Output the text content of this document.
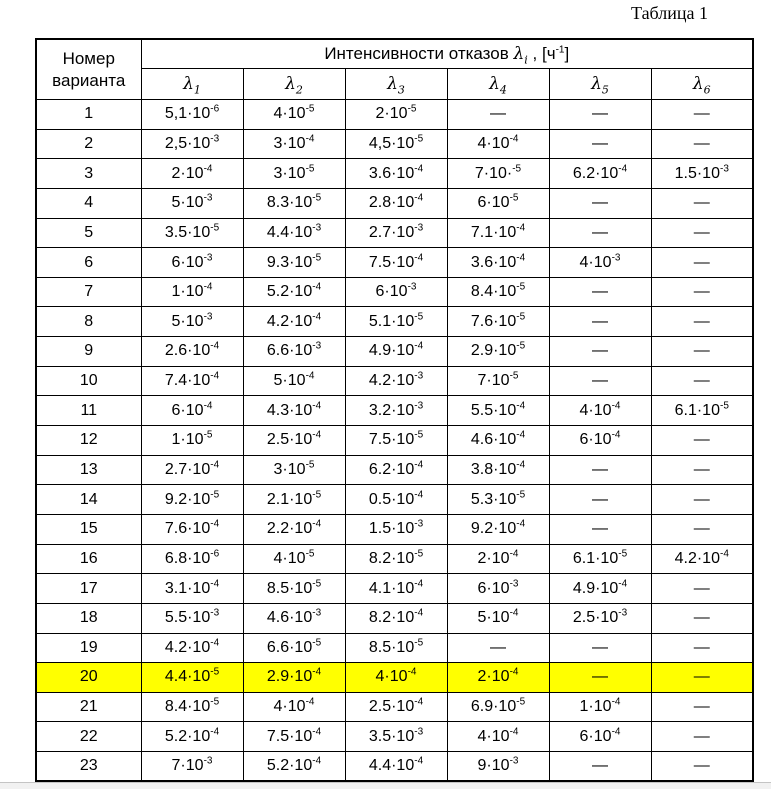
Таблица 1
Номер
варианта	Интенсивности отказов $\lambda_i$ , $[ч^{-1}]$					
	$\lambda_1$	$\lambda_2$	$\lambda_3$	$\lambda_4$	$\lambda_5$	$\lambda_6$
1	$5,1\cdot 10^{-6}$	$4\cdot 10^{-5}$	$2\cdot 10^{-5}$	—	—	—
2	$2,5\cdot 10^{-3}$	$3\cdot 10^{-4}$	$4,5\cdot 10^{-5}$	$4\cdot 10^{-4}$	—	—
3	$2\cdot 10^{-4}$	$3\cdot 10^{-5}$	$3.6\cdot 10^{-4}$	7·10·$^{-5}$	$6.2\cdot 10^{-4}$	$1.5\cdot 10^{-3}$
4	$5\cdot 10^{-3}$	$8.3\cdot 10^{-5}$	$2.8\cdot 10^{-4}$	$6\cdot 10^{-5}$	—	—
5	$3.5\cdot 10^{-5}$	$4.4\cdot 10^{-3}$	$2.7\cdot 10^{-3}$	$7.1\cdot 10^{-4}$	—	—
6	$6\cdot 10^{-3}$	$9.3\cdot 10^{-5}$	$7.5\cdot 10^{-4}$	$3.6\cdot 10^{-4}$	$4\cdot 10^{-3}$	—
7	$1\cdot 10^{-4}$	$5.2\cdot 10^{-4}$	$6\cdot 10^{-3}$	$8.4\cdot 10^{-5}$	—	—
8	$5\cdot 10^{-3}$	$4.2\cdot 10^{-4}$	$5.1\cdot 10^{-5}$	$7.6\cdot 10^{-5}$	—	—
9	$2.6\cdot 10^{-4}$	$6.6\cdot 10^{-3}$	$4.9\cdot 10^{-4}$	$2.9\cdot 10^{-5}$	—	—
10	$7.4\cdot 10^{-4}$	$5\cdot 10^{-4}$	$4.2\cdot 10^{-3}$	$7\cdot 10^{-5}$	—	—
11	$6\cdot 10^{-4}$	$4.3\cdot 10^{-4}$	$3.2\cdot 10^{-3}$	$5.5\cdot 10^{-4}$	$4\cdot 10^{-4}$	$6.1\cdot 10^{-5}$
12	$1\cdot 10^{-5}$	$2.5\cdot 10^{-4}$	$7.5\cdot 10^{-5}$	$4.6\cdot 10^{-4}$	$6\cdot 10^{-4}$	—
13	$2.7\cdot 10^{-4}$	$3\cdot 10^{-5}$	$6.2\cdot 10^{-4}$	$3.8\cdot 10^{-4}$	—	—
14	$9.2\cdot 10^{-5}$	$2.1\cdot 10^{-5}$	$0.5\cdot 10^{-4}$	$5.3\cdot 10^{-5}$	—	—
15	$7.6\cdot 10^{-4}$	$2.2\cdot 10^{-4}$	$1.5\cdot 10^{-3}$	$9.2\cdot 10^{-4}$	—	—
16	$6.8\cdot 10^{-6}$	$4\cdot 10^{-5}$	$8.2\cdot 10^{-5}$	$2\cdot 10^{-4}$	$6.1\cdot 10^{-5}$	$4.2\cdot 10^{-4}$
17	$3.1\cdot 10^{-4}$	$8.5\cdot 10^{-5}$	$4.1\cdot 10^{-4}$	$6\cdot 10^{-3}$	$4.9\cdot 10^{-4}$	—
18	$5.5\cdot 10^{-3}$	$4.6\cdot 10^{-3}$	$8.2\cdot 10^{-4}$	$5\cdot 10^{-4}$	$2.5\cdot 10^{-3}$	—
19	$4.2\cdot 10^{-4}$	$6.6\cdot 10^{-5}$	$8.5\cdot 10^{-5}$	—	—	—
20	$4.4\cdot 10^{-5}$	$2.9\cdot 10^{-4}$	$4\cdot 10^{-4}$	$2\cdot 10^{-4}$	—	—
21	$8.4\cdot 10^{-5}$	$4\cdot 10^{-4}$	$2.5\cdot 10^{-4}$	$6.9\cdot 10^{-5}$	$1\cdot 10^{-4}$	—
22	$5.2\cdot 10^{-4}$	$7.5\cdot 10^{-4}$	$3.5\cdot 10^{-3}$	$4\cdot 10^{-4}$	$6\cdot 10^{-4}$	—
23	$7\cdot 10^{-3}$	$5.2\cdot 10^{-4}$	$4.4\cdot 10^{-4}$	$9\cdot 10^{-3}$	—	—
